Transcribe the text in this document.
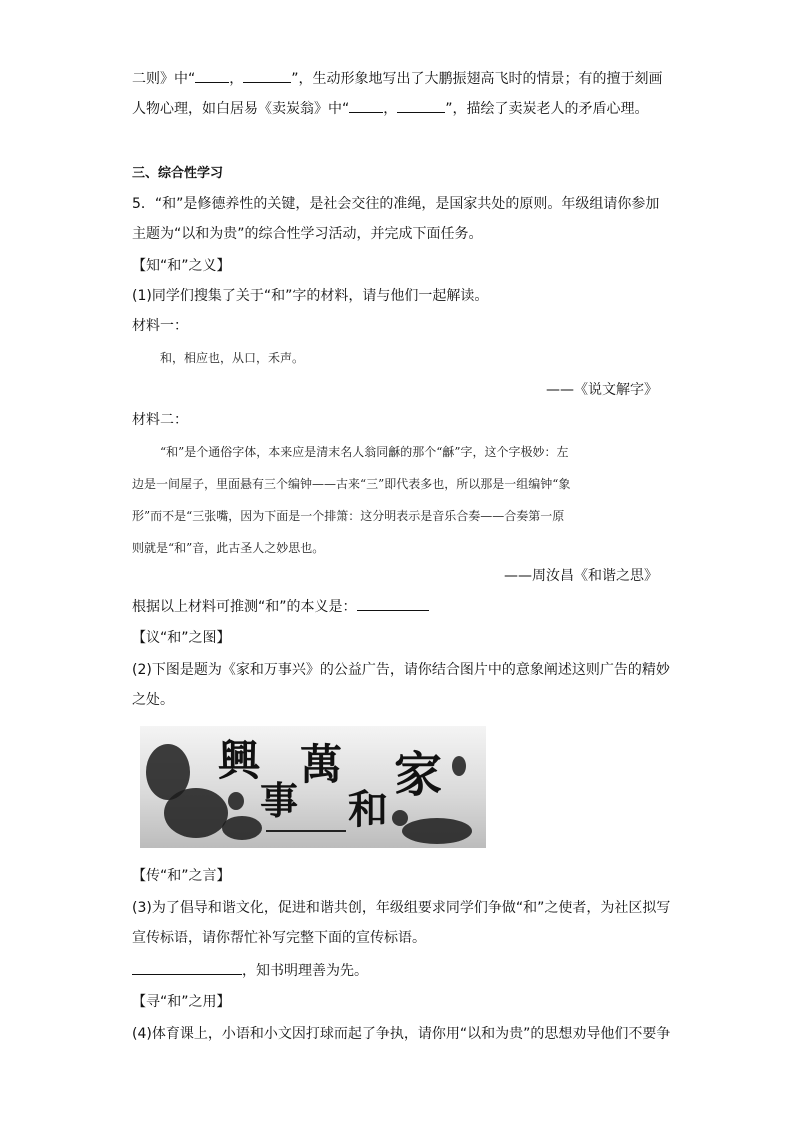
二则》中“ ，	”，生动形象地写出了大鹏振翅高飞时的情景；有的擅于刻画
人物心理，如白居易《卖炭翁》中“ ，	”，描绘了卖炭老人的矛盾心理。
三、综合性学习
5．“和”是修德养性的关键，是社会交往的准绳，是国家共处的原则。年级组请你参加
主题为“以和为贵”的综合性学习活动，并完成下面任务。
【知“和”之义】
(1)同学们搜集了关于“和”字的材料，请与他们一起解读。
材料一：
和，相应也，从口，禾声。
——《说文解字》
材料二：
“和”是个通俗字体，本来应是清末名人翁同龢的那个“龢”字，这个字极妙：左
边是一间屋子，里面悬有三个编钟——古来“三”即代表多也，所以那是一组编钟“象
形”而不是“三张嘴，因为下面是一个排箫：这分明表示是音乐合奏——合奏第一原
则就是“和”音，此古圣人之妙思也。
——周汝昌《和谐之思》
根据以上材料可推测“和”的本义是：
【议“和”之图】
(2)下图是题为《家和万事兴》的公益广告，请你结合图片中的意象阐述这则广告的精妙
之处。
興
事
萬
和
家
【传“和”之言】
(3)为了倡导和谐文化，促进和谐共创，年级组要求同学们争做“和”之使者，为社区拟写
宣传标语，请你帮忙补写完整下面的宣传标语。
，知书明理善为先。
【寻“和”之用】
(4)体育课上，小语和小文因打球而起了争执，请你用“以和为贵”的思想劝导他们不要争
